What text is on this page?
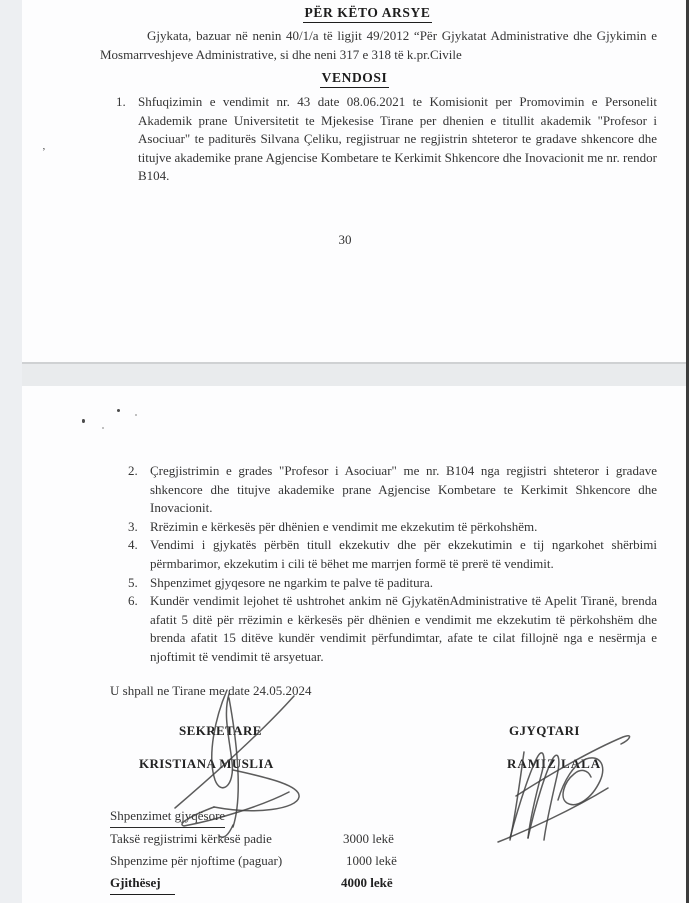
PËR KËTO ARSYE
Gjykata, bazuar në nenin 40/1/a të ligjit 49/2012 “Për Gjykatat Administrative dhe Gjykimin e Mosmarrveshjeve Administrative, si dhe neni 317 e 318 të k.pr.Civile
VENDOSI
1. Shfuqizimin e vendimit nr. 43 date 08.06.2021 te Komisionit per Promovimin e Personelit Akademik prane Universitetit te Mjekesise Tirane per dhenien e titullit akademik "Profesor i Asociuar" te paditurës Silvana Çeliku, regjistruar ne regjistrin shteteror te gradave shkencore dhe titujve akademike prane Agjencise Kombetare te Kerkimit Shkencore dhe Inovacionit me nr. rendor B104.
30
’
2. Çregjistrimin e grades "Profesor i Asociuar" me nr. B104 nga regjistri shteteror i gradave shkencore dhe titujve akademike prane Agjencise Kombetare te Kerkimit Shkencore dhe Inovacionit.
3. Rrëzimin e kërkesës për dhënien e vendimit me ekzekutim të përkohshëm.
4. Vendimi i gjykatës përbën titull ekzekutiv dhe për ekzekutimin e tij ngarkohet shërbimi përmbarimor, ekzekutim i cili të bëhet me marrjen formë të prerë të vendimit.
5. Shpenzimet gjyqesore ne ngarkim te palve të paditura.
6. Kundër vendimit lejohet të ushtrohet ankim në GjykatënAdministrative të Apelit Tiranë, brenda afatit 5 ditë për rrëzimin e kërkesës për dhënien e vendimit me ekzekutim të përkohshëm dhe brenda afatit 15 ditëve kundër vendimit përfundimtar, afate te cilat fillojnë nga e nesërmja e njoftimit të vendimit të arsyetuar.
U shpall ne Tirane me date 24.05.2024
SEKRETARE
KRISTIANA MUSLIA
GJYQTARI
RAMIZ LALA
Shpenzimet gjyqësore
Taksë regjistrimi kërkesë padie	3000 lekë
Shpenzime për njoftime (paguar)	1000 lekë
Gjithësej	4000 lekë
